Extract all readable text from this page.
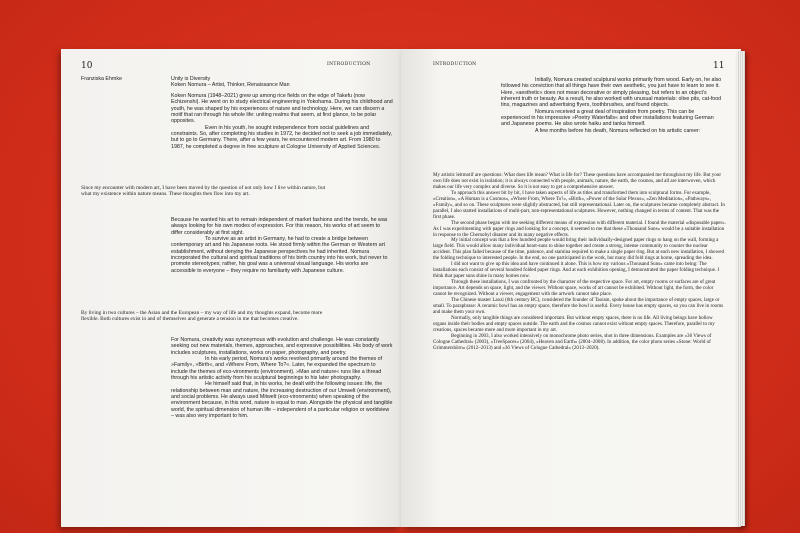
10	INTRODUCTION
Franziska Ehmke	Unity is Diversity

Koken Nomura – Artist, Thinker, Renaissance Man

Koken Nomura (1948–2021) grew up among rice fields on the edge of Takefu (now Echizenshi). He went on to study electrical engineering in Yokohama. During his childhood and youth, he was shaped by his experiences of nature and technology. Here, we can discern a motif that ran through his whole life: uniting realms that seem, at first glance, to be polar opposites.

Even in his youth, he sought independence from social guidelines and constraints. So, after completing his studies in 1972, he decided not to seek a job immediately, but to go to Germany. There, after a few years, he encountered modern art. From 1980 to 1987, he completed a degree in free sculpture at Cologne University of Applied Sciences.

Since my encounter with modern art, I have been moved by the question of not only how I live within nature, but what my existence within nature means. These thoughts then flow into my art.

Because he wanted his art to remain independent of market fashions and the trends, he was always looking for his own modes of expression. For this reason, his works of art seem to differ considerably at first sight.

To survive as an artist in Germany, he had to create a bridge between contemporary art and his Japanese roots. He stood firmly within the German or Western art establishment, without denying the Japanese perspectives he had inherited. Nomura incorporated the cultural and spiritual traditions of his birth country into his work, but never to promote stereotypes; rather, his goal was a universal visual language. His works are accessible to everyone – they require no familiarity with Japanese culture.

By living in two cultures – the Asian and the European – my way of life and my thoughts expand, become more flexible. Both cultures exist in and of themselves and generate a tension in me that becomes creative.

For Nomura, creativity was synonymous with evolution and challenge. He was constantly seeking out new materials, themes, approaches, and expressive possibilities. His body of work includes sculptures, installations, works on paper, photography, and poetry.

In his early period, Nomura's works revolved primarily around the themes of »Family«, »Birth«, and »Where From, Where To?«. Later, he expanded the spectrum to include the themes of eco-vironments (environment). »Man and nature« runs like a thread through his artistic activity from his sculptural beginnings to his later photography.

He himself said that, in his works, he dealt with the following issues: life, the relationship between man and nature, the increasing destruction of our Umwelt (environment), and social problems. He always used Mitwelt (eco-vironments) when speaking of the environment because, in this word, nature is equal to man. Alongside the physical and tangible world, the spiritual dimension of human life – independent of a particular religion or worldview – was also very important to him.

INTRODUCTION	11

Initially, Nomura created sculptural works primarily from wood. Early on, he also followed his conviction that all things have their own aesthetic, you just have to learn to see it. Here, »aesthetic« does not mean decorative or simply pleasing, but refers to an object's inherent truth or beauty. As a result, he also worked with unusual materials: olive pits, cat-food tins, magazines and advertising flyers, toothbrushes, and found objects.

Nomura received a great deal of inspiration from poetry. This can be experienced in his impressive »Poetry Waterfalls« and other installations featuring German and Japanese poems. He also wrote haiku and tanka himself.

A few months before his death, Nomura reflected on his artistic career:

My artistic leitmotif are questions: What does life mean? What is life for? These questions have accompanied me throughout my life. But your own life does not exist in isolation; it is always connected with people, animals, nature, the earth, the cosmos, and all are interwoven, which makes our life very complex and diverse. So it is not easy to get a comprehensive answer.

To approach this answer bit by bit, I have taken aspects of life as titles and transformed them into sculptural forms. For example, »Creation«, »A Human is a Cosmos«, »Where From, Where To?«, »Birth«, »Power of the Solar Plexus«, »Zen Meditation«, »Pathways«, »Family«, and so on. These sculptures were slightly abstracted, but still representational. Later on, the sculptures became completely abstract. In parallel, I also started installations of multi-part, non-representational sculptures. However, nothing changed in terms of content. That was the first phase.

The second phase began with me seeking different means of expression with different material. I found the material »disposable paper«. As I was experimenting with paper rings and looking for a concept, it seemed to me that these »Thousand Suns« would be a suitable installation in response to the Chernobyl disaster and its many negative effects.

My initial concept was that a few hundred people would bring their individually-designed paper rings to hang on the wall, forming a large field. This would allow many individual heart-suns to shine together and create a strong, intense community to counter the nuclear accident. This plan failed because of the time, patience, and stamina required to make a single paper ring. But at each new installation, I showed the folding technique to interested people. In the end, no one participated in the work, but many did fold rings at home, spreading the idea.

I did not want to give up this idea and have continued it alone. This is how my various »Thousand Suns« came into being: The installations each consist of several hundred folded paper rings. And at each exhibition opening, I demonstrated the paper folding technique. I think that paper suns shine in many homes now.

Through these installations, I was confronted by the character of the respective space. For art, empty rooms or surfaces are of great importance. Art depends on space, light, and the viewer. Without space, works of art cannot be exhibited. Without light, the form, the color cannot be recognized. Without a viewer, engagement with the artwork cannot take place.

The Chinese master Laozi (6th century BC), considered the founder of Taoism, spoke about the importance of empty spaces, large or small. To paraphrase: A ceramic bowl has an empty space, therefore the bowl is useful. Every house has empty spaces, so you can live in rooms and make them your own.

Normally, only tangible things are considered important. But without empty spaces, there is no life. All living beings have hollow organs inside their bodies and empty spaces outside. The earth and the cosmos cannot exist without empty spaces. Therefore, parallel to my creations, spaces became more and more important in my art.

Beginning in 2003, I also worked intensively on monochrome photo series, shot in three dimensions. Examples are »36 Views of Cologne Cathedral« (2003), »TreeSpaces« (2004), »Heaven and Earth« (2004–2008). In addition, the color photo series »Stone: World of Grimmershörn« (2012–2013) and »36 Views of Cologne Cathedral« (2013–2020).
